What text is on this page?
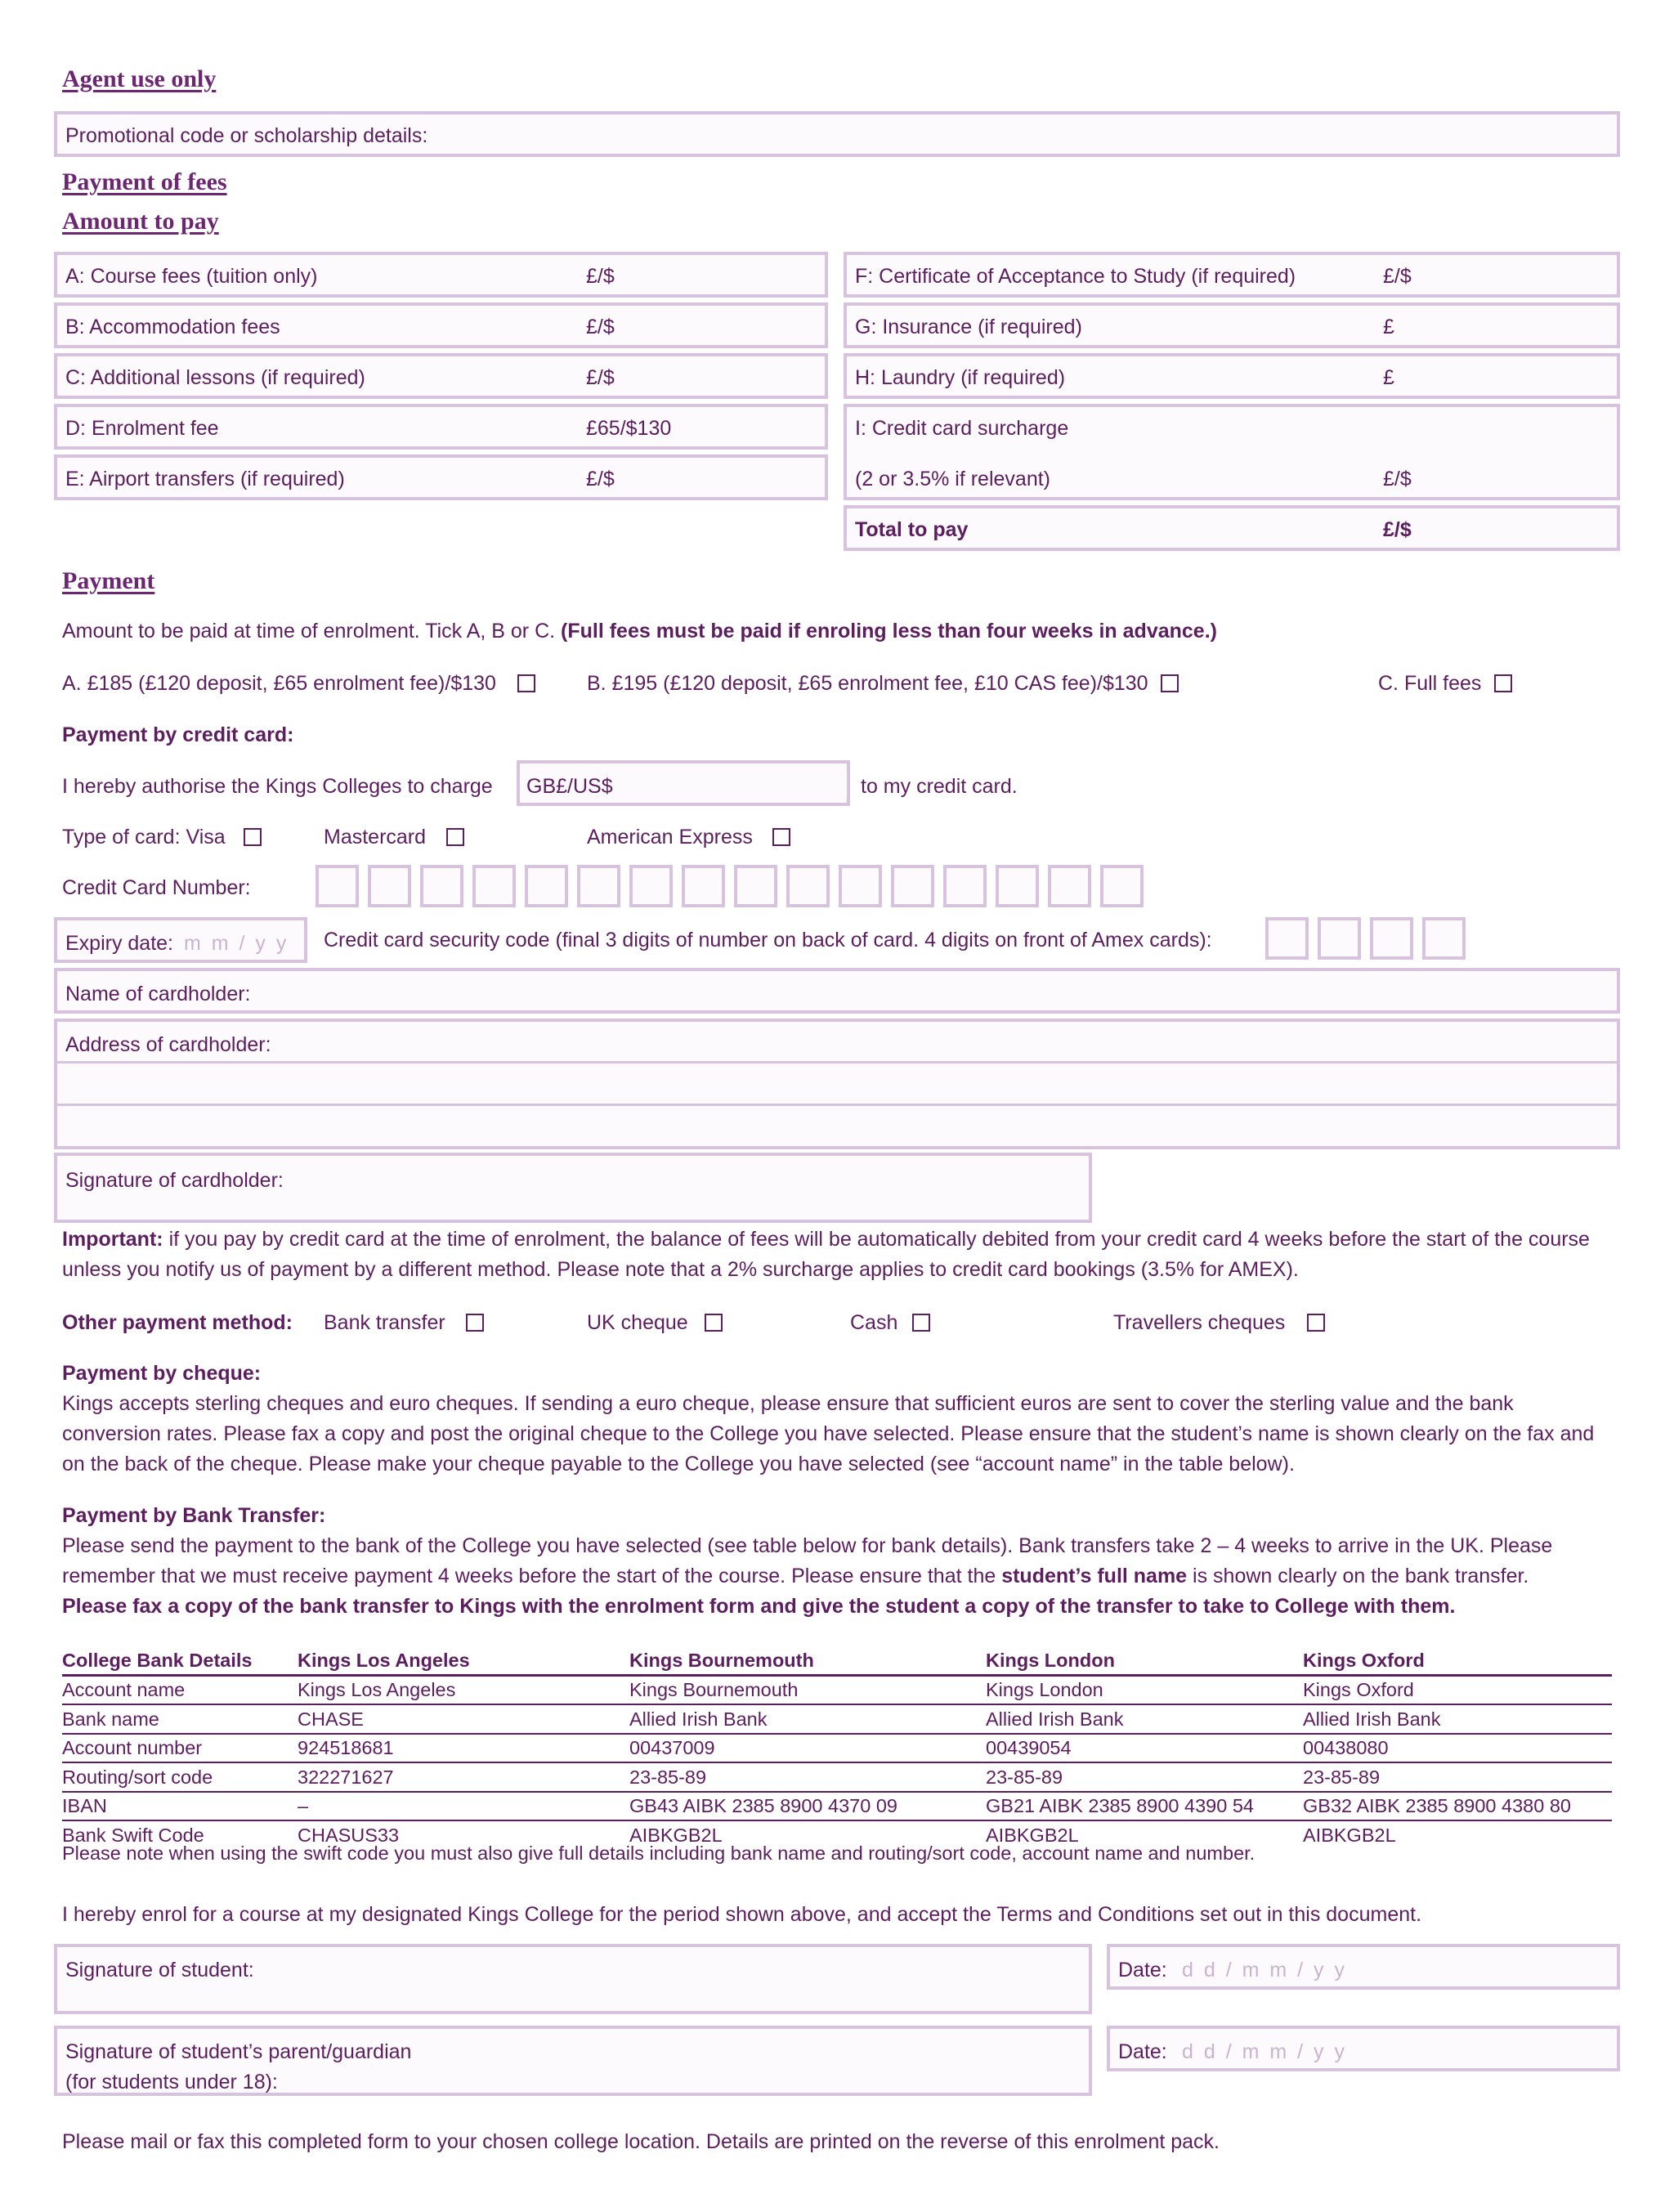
Agent use only
Promotional code or scholarship details:
Payment of fees
Amount to pay
A: Course fees (tuition only)	£/$
B: Accommodation fees	£/$
C: Additional lessons (if required)	£/$
D: Enrolment fee	£65/$130
E: Airport transfers (if required)	£/$
F: Certificate of Acceptance to Study (if required)	£/$
G: Insurance (if required)	£
H: Laundry (if required)	£
I: Credit card surcharge
(2 or 3.5% if relevant)	£/$
Total to pay	£/$
Payment
Amount to be paid at time of enrolment. Tick A, B or C. (Full fees must be paid if enroling less than four weeks in advance.)
A. £185 (£120 deposit, £65 enrolment fee)/$130	B. £195 (£120 deposit, £65 enrolment fee, £10 CAS fee)/$130	C. Full fees
Payment by credit card:
I hereby authorise the Kings Colleges to charge GB£/US$	to my credit card.
Type of card: Visa	Mastercard	American Express
Credit Card Number:
Expiry date: m m / y y Credit card security code (final 3 digits of number on back of card. 4 digits on front of Amex cards):
Name of cardholder:
Address of cardholder:
Signature of cardholder:
Important: if you pay by credit card at the time of enrolment, the balance of fees will be automatically debited from your credit card 4 weeks before the start of the course unless you notify us of payment by a different method. Please note that a 2% surcharge applies to credit card bookings (3.5% for AMEX).
Other payment method: Bank transfer	UK cheque	Cash	Travellers cheques
Payment by cheque:
Kings accepts sterling cheques and euro cheques. If sending a euro cheque, please ensure that sufficient euros are sent to cover the sterling value and the bank conversion rates. Please fax a copy and post the original cheque to the College you have selected. Please ensure that the student’s name is shown clearly on the fax and on the back of the cheque. Please make your cheque payable to the College you have selected (see “account name” in the table below).
Payment by Bank Transfer:
Please send the payment to the bank of the College you have selected (see table below for bank details). Bank transfers take 2 – 4 weeks to arrive in the UK. Please remember that we must receive payment 4 weeks before the start of the course. Please ensure that the student’s full name is shown clearly on the bank transfer.
Please fax a copy of the bank transfer to Kings with the enrolment form and give the student a copy of the transfer to take to College with them.
College Bank Details	Kings Los Angeles	Kings Bournemouth	Kings London	Kings Oxford
Account name	Kings Los Angeles	Kings Bournemouth	Kings London	Kings Oxford
Bank name	CHASE	Allied Irish Bank	Allied Irish Bank	Allied Irish Bank
Account number	924518681	00437009	00439054	00438080
Routing/sort code	322271627	23-85-89	23-85-89	23-85-89
IBAN	–	GB43 AIBK 2385 8900 4370 09	GB21 AIBK 2385 8900 4390 54	GB32 AIBK 2385 8900 4380 80
Bank Swift Code	CHASUS33	AIBKGB2L	AIBKGB2L	AIBKGB2L
Please note when using the swift code you must also give full details including bank name and routing/sort code, account name and number.
I hereby enrol for a course at my designated Kings College for the period shown above, and accept the Terms and Conditions set out in this document.
Signature of student:	Date: d d / m m / y y
Signature of student’s parent/guardian
(for students under 18):
Date: d d / m m / y y
Please mail or fax this completed form to your chosen college location. Details are printed on the reverse of this enrolment pack.
